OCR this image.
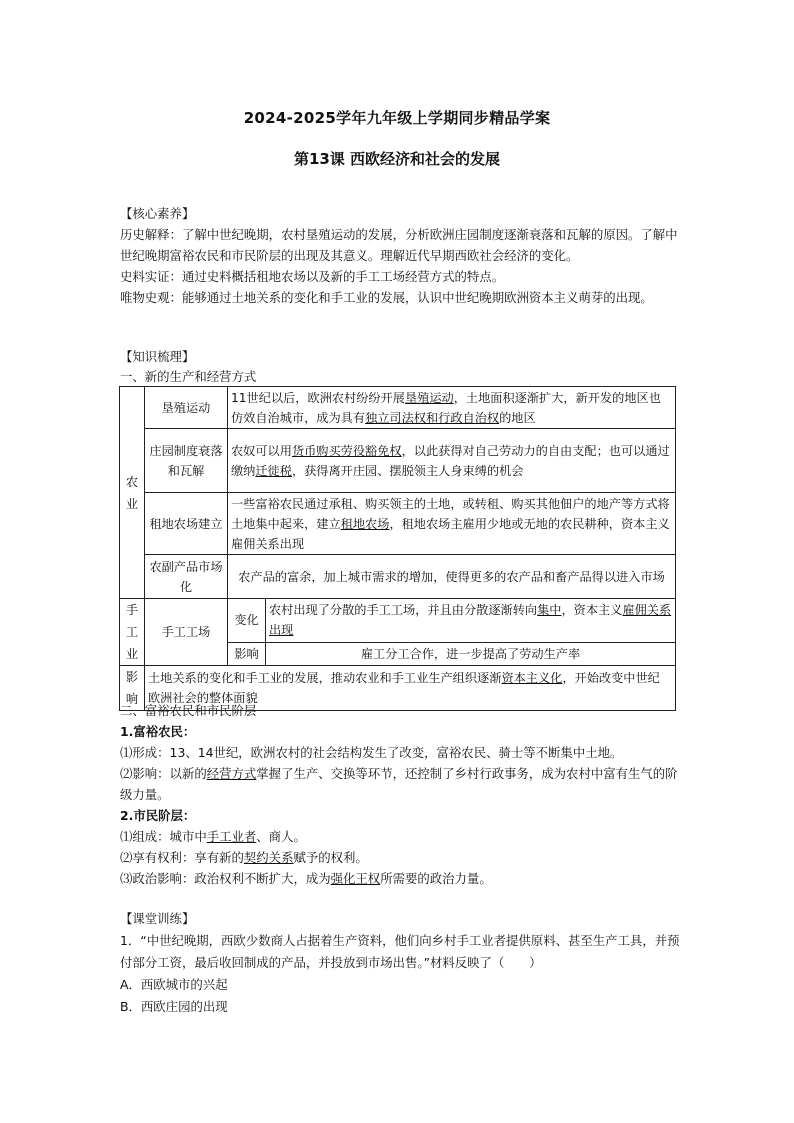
2024-2025学年九年级上学期同步精品学案
第13课 西欧经济和社会的发展

【核心素养】

历史解释：了解中世纪晚期，农村垦殖运动的发展，分析欧洲庄园制度逐渐衰落和瓦解的原因。了解中世纪晚期富裕农民和市民阶层的出现及其意义。理解近代早期西欧社会经济的变化。

史料实证：通过史料概括租地农场以及新的手工工场经营方式的特点。

唯物史观：能够通过土地关系的变化和手工业的发展，认识中世纪晚期欧洲资本主义萌芽的出现。

【知识梳理】
一、新的生产和经营方式
农业	垦殖运动	11世纪以后，欧洲农村纷纷开展垦殖运动，土地面积逐渐扩大，新开发的地区也仿效自治城市，成为具有独立司法权和行政自治权的地区	
	庄园制度衰落和瓦解	农奴可以用货币购买劳役豁免权，以此获得对自己劳动力的自由支配；也可以通过缴纳迁徙税，获得离开庄园、摆脱领主人身束缚的机会	
	租地农场建立	一些富裕农民通过承租、购买领主的土地，或转租、购买其他佃户的地产等方式将土地集中起来，建立租地农场，租地农场主雇用少地或无地的农民耕种，资本主义雇佣关系出现	
	农副产品市场化	农产品的富余，加上城市需求的增加，使得更多的农产品和畜产品得以进入市场	
手工业	手工工场	变化	农村出现了分散的手工工场，并且由分散逐渐转向集中，资本主义雇佣关系出现
		影响	雇工分工合作，进一步提高了劳动生产率
影响	土地关系的变化和手工业的发展，推动农业和手工业生产组织逐渐资本主义化，开始改变中世纪欧洲社会的整体面貌		

二、富裕农民和市民阶层

1.富裕农民：

⑴形成：13、14世纪，欧洲农村的社会结构发生了改变，富裕农民、骑士等不断集中土地。

⑵影响：以新的经营方式掌握了生产、交换等环节，还控制了乡村行政事务，成为农村中富有生气的阶级力量。

2.市民阶层：

⑴组成：城市中手工业者、商人。

⑵享有权利：享有新的契约关系赋予的权利。

⑶政治影响：政治权利不断扩大，成为强化王权所需要的政治力量。

【课堂训练】

1．“中世纪晚期，西欧少数商人占据着生产资料，他们向乡村手工业者提供原料、甚至生产工具，并预付部分工资，最后收回制成的产品，并投放到市场出售。”材料反映了（　　）

A．西欧城市的兴起

B．西欧庄园的出现
